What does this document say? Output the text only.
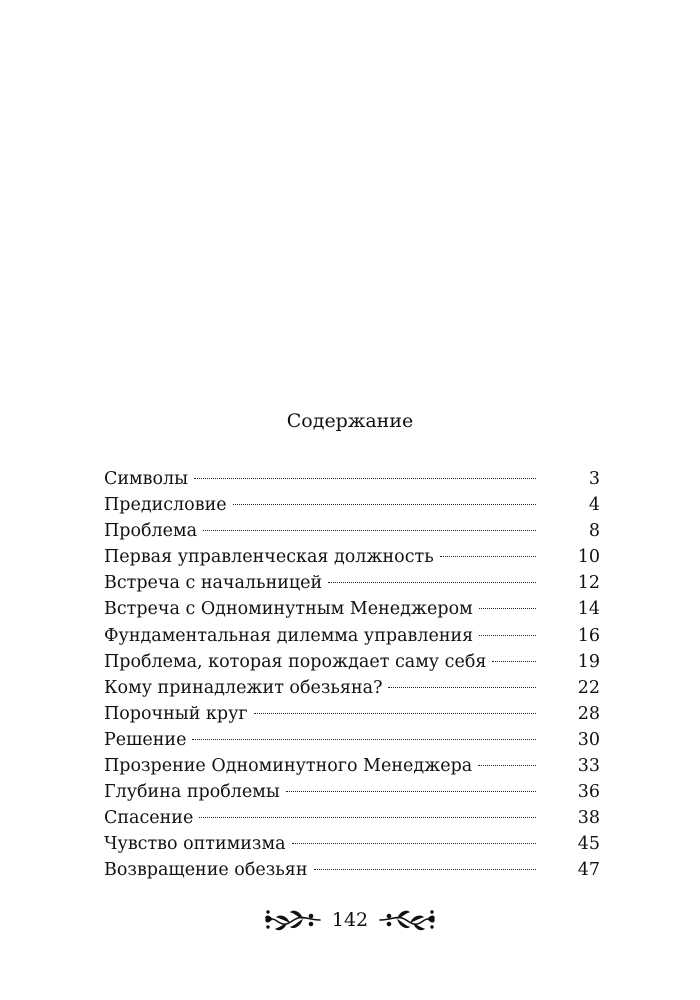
Содержание
Символы	3
Предисловие	4
Проблема	8
Первая управленческая должность	10
Встреча с начальницей	12
Встреча с Одноминутным Менеджером	14
Фундаментальная дилемма управления	16
Проблема, которая порождает саму себя	19
Кому принадлежит обезьяна?	22
Порочный круг	28
Решение	30
Прозрение Одноминутного Менеджера	33
Глубина проблемы	36
Спасение	38
Чувство оптимизма	45
Возвращение обезьян	47
142
